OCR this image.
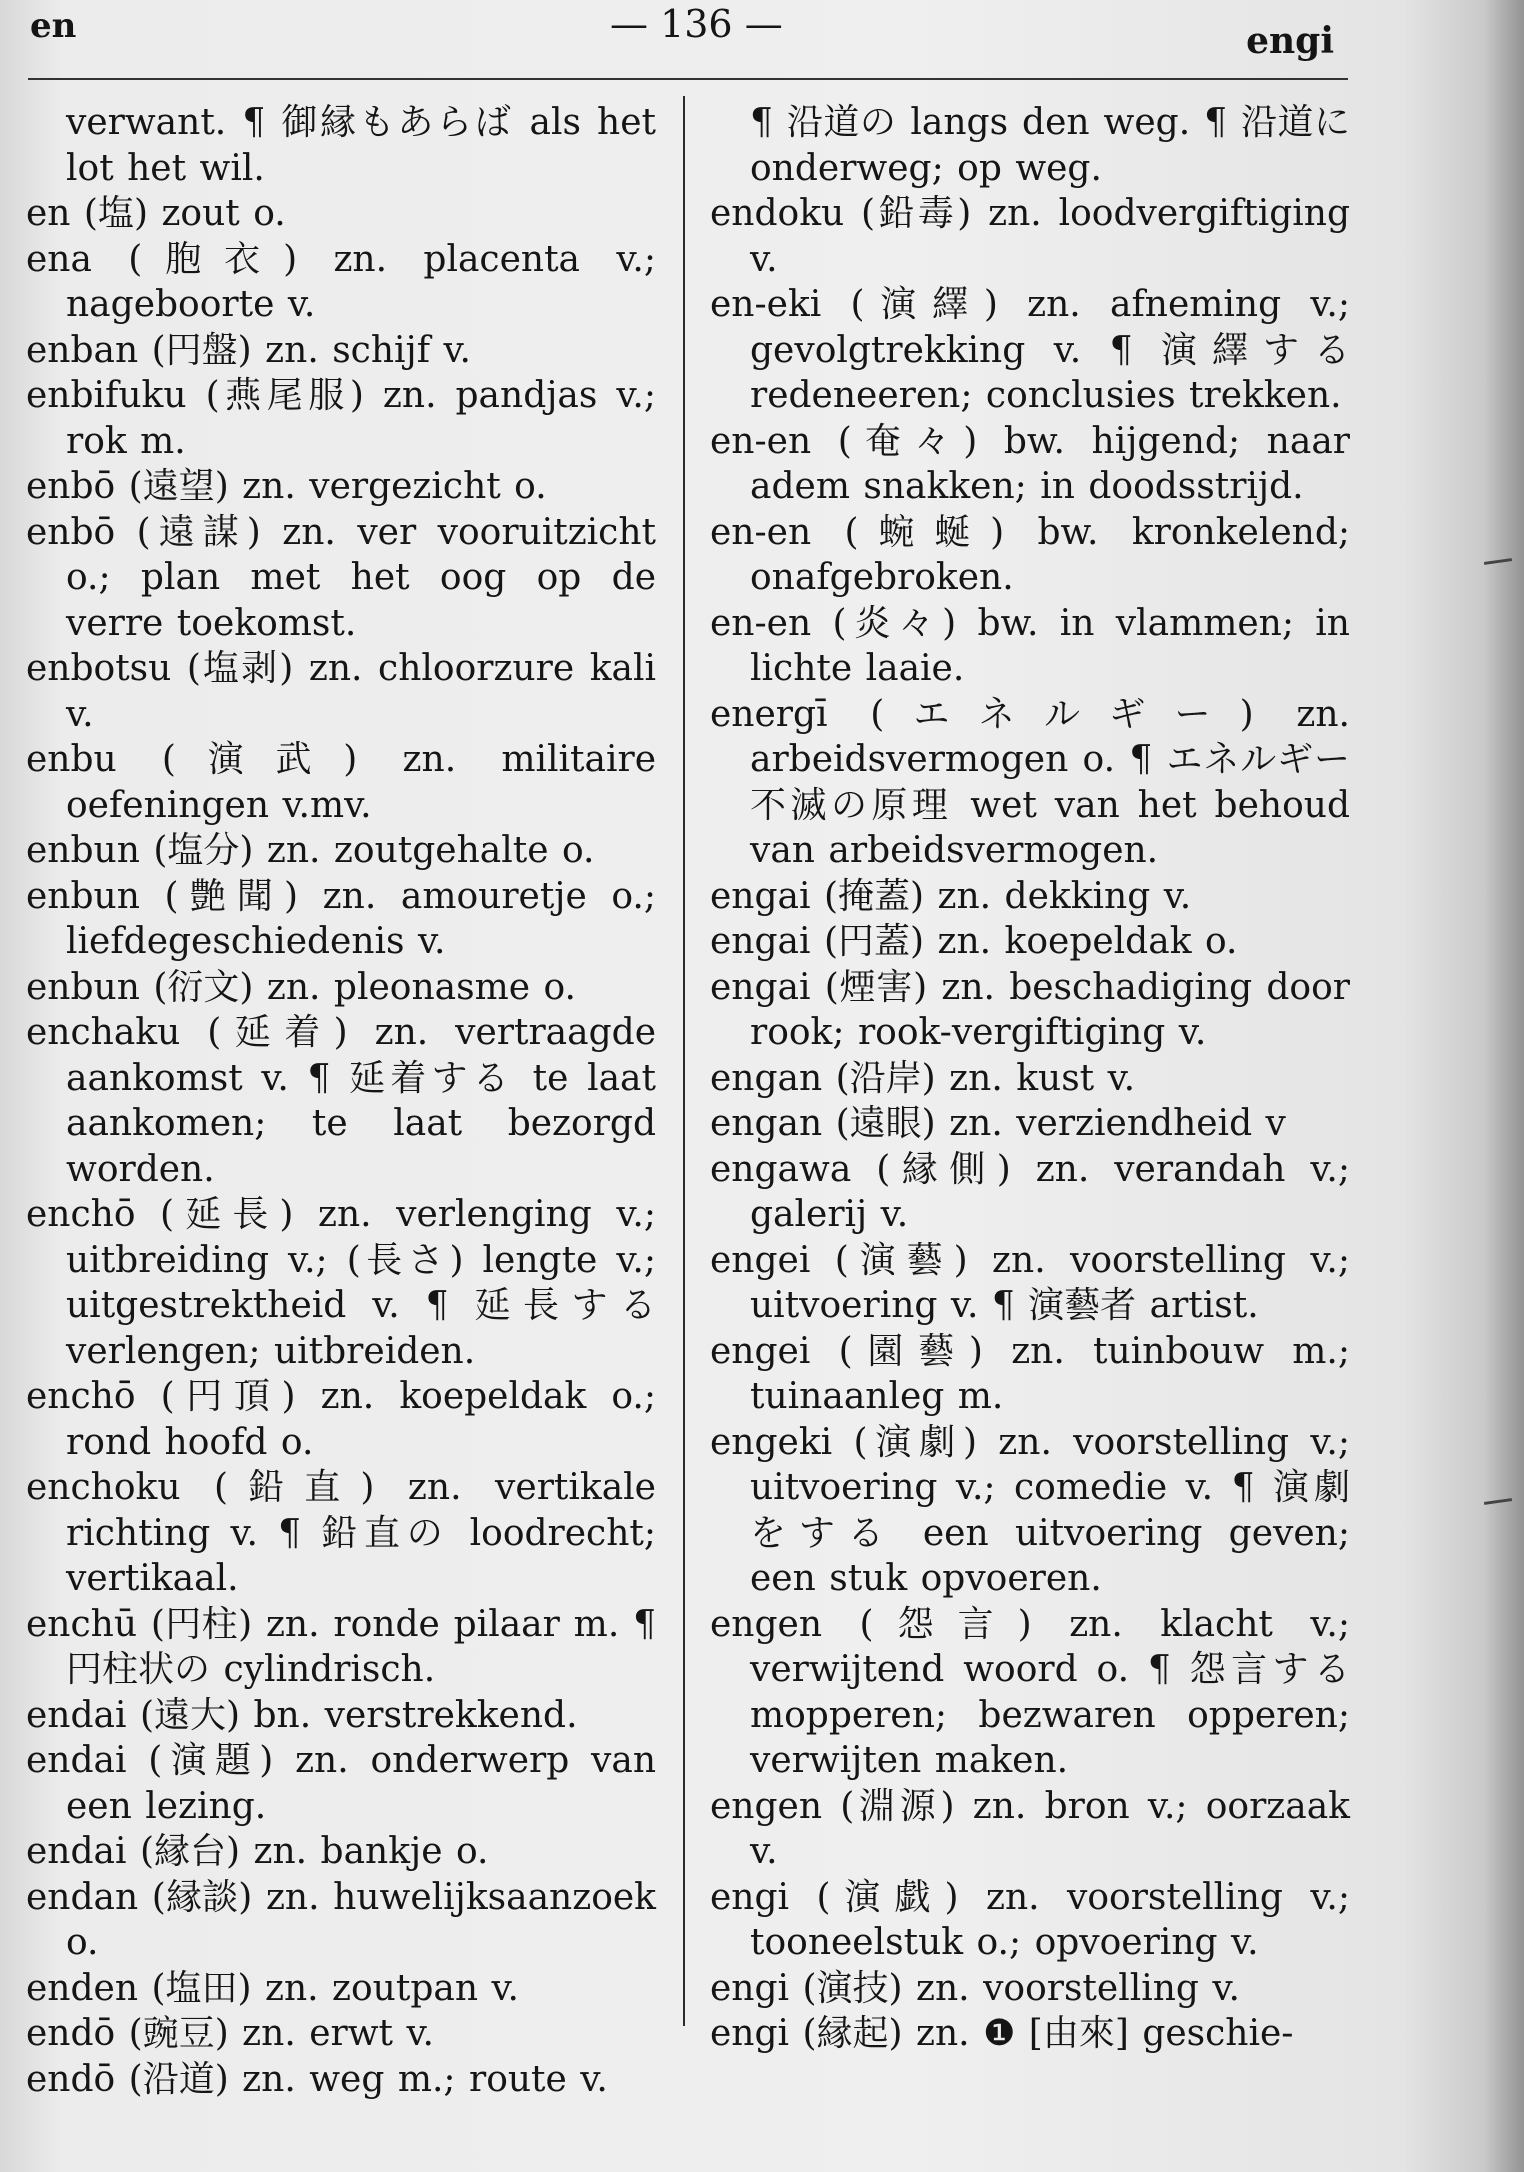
en	— 136 —	engi

verwant. ¶ 御縁もあらば als het lot het wil.

en (塩) zout o.

ena (胞衣) zn. placenta v.; nageboorte v.

enban (円盤) zn. schijf v.

enbifuku (燕尾服) zn. pandjas v.; rok m.

enbō (遠望) zn. vergezicht o.

enbō (遠謀) zn. ver vooruitzicht o.; plan met het oog op de verre toekomst.

enbotsu (塩剥) zn. chloorzure kali v.

enbu (演武) zn. militaire oefeningen v.mv.

enbun (塩分) zn. zoutgehalte o.

enbun (艶聞) zn. amouretje o.; liefdegeschiedenis v.

enbun (衍文) zn. pleonasme o.

enchaku (延着) zn. vertraagde aankomst v. ¶ 延着する te laat aankomen; te laat bezorgd worden.

enchō (延長) zn. verlenging v.; uitbreiding v.; (長さ) lengte v.; uitgestrektheid v. ¶ 延長する verlengen; uitbreiden.

enchō (円頂) zn. koepeldak o.; rond hoofd o.

enchoku (鉛直) zn. vertikale richting v. ¶ 鉛直の loodrecht; vertikaal.

enchū (円柱) zn. ronde pilaar m. ¶ 円柱状の cylindrisch.

endai (遠大) bn. verstrekkend.

endai (演題) zn. onderwerp van een lezing.

endai (縁台) zn. bankje o.

endan (縁談) zn. huwelijksaanzoek o.

enden (塩田) zn. zoutpan v.

endō (豌豆) zn. erwt v.

endō (沿道) zn. weg m.; route v.

¶ 沿道の langs den weg. ¶ 沿道に onderweg; op weg.

endoku (鉛毒) zn. loodvergiftiging v.

en-eki (演繹) zn. afneming v.; gevolgtrekking v. ¶ 演繹する redeneeren; conclusies trekken.

en-en (奄々) bw. hijgend; naar adem snakken; in doodsstrijd.

en-en (蜿蜒) bw. kronkelend; onafgebroken.

en-en (炎々) bw. in vlammen; in lichte laaie.

energī (エネルギー) zn. arbeidsvermogen o. ¶ エネルギー不滅の原理 wet van het behoud van arbeidsvermogen.

engai (掩蓋) zn. dekking v.

engai (円蓋) zn. koepeldak o.

engai (煙害) zn. beschadiging door rook; rook-vergiftiging v.

engan (沿岸) zn. kust v.

engan (遠眼) zn. verziendheid v

engawa (縁側) zn. verandah v.; galerij v.

engei (演藝) zn. voorstelling v.; uitvoering v. ¶ 演藝者 artist.

engei (園藝) zn. tuinbouw m.; tuinaanleg m.

engeki (演劇) zn. voorstelling v.; uitvoering v.; comedie v. ¶ 演劇をする een uitvoering geven; een stuk opvoeren.

engen (怨言) zn. klacht v.; verwijtend woord o. ¶ 怨言する mopperen; bezwaren opperen; verwijten maken.

engen (淵源) zn. bron v.; oorzaak v.

engi (演戯) zn. voorstelling v.; tooneelstuk o.; opvoering v.

engi (演技) zn. voorstelling v.

engi (縁起) zn. ❶ [由來] geschie-
